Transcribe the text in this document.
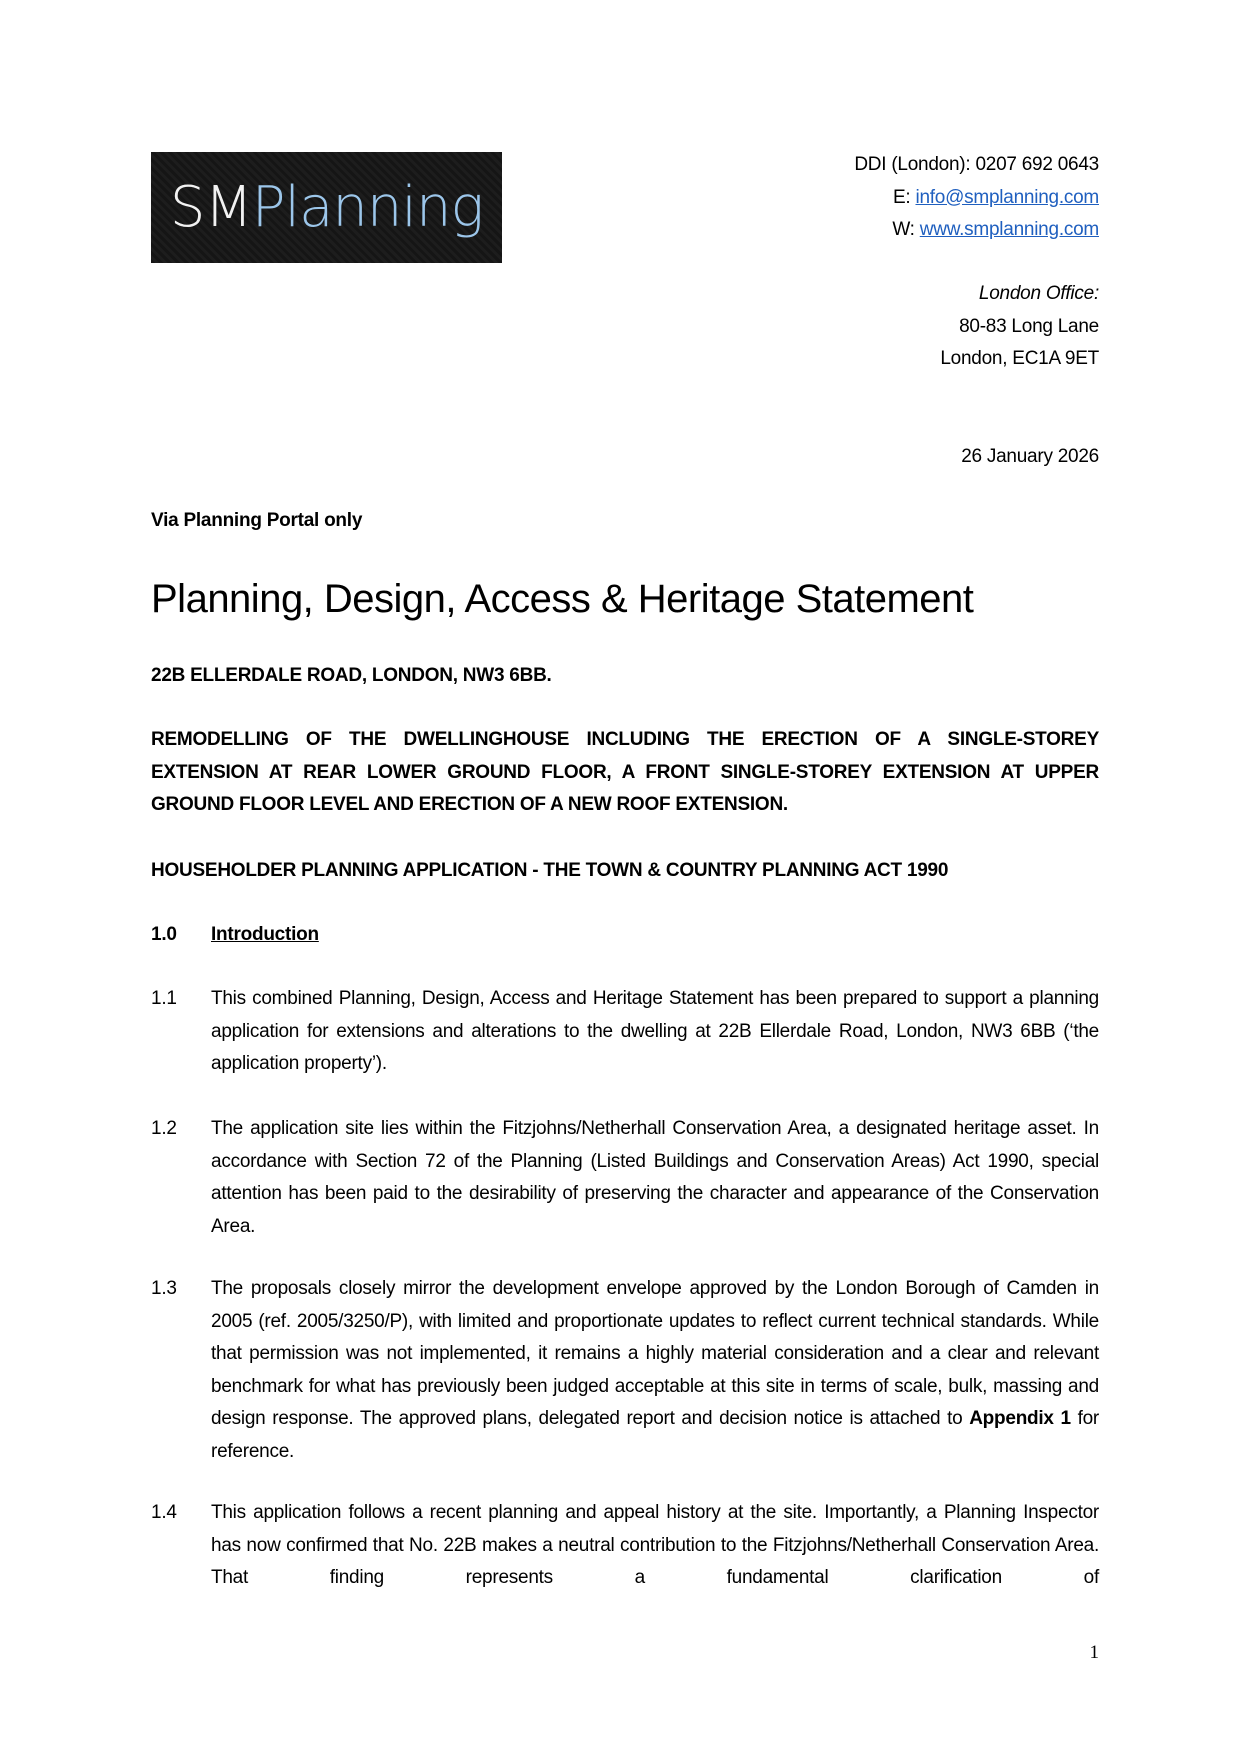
SMPlanning
DDI (London): 0207 692 0643
E: info@smplanning.com
W: www.smplanning.com
London Office:
80-83 Long Lane
London, EC1A 9ET
26 January 2026
Via Planning Portal only
Planning, Design, Access & Heritage Statement
22B ELLERDALE ROAD, LONDON, NW3 6BB.
REMODELLING OF THE DWELLINGHOUSE INCLUDING THE ERECTION OF A SINGLE-STOREY EXTENSION AT REAR LOWER GROUND FLOOR, A FRONT SINGLE-STOREY EXTENSION AT UPPER GROUND FLOOR LEVEL AND ERECTION OF A NEW ROOF EXTENSION.
HOUSEHOLDER PLANNING APPLICATION - THE TOWN & COUNTRY PLANNING ACT 1990
1.0	Introduction
1.1	This combined Planning, Design, Access and Heritage Statement has been prepared to support a planning application for extensions and alterations to the dwelling at 22B Ellerdale Road, London, NW3 6BB (‘the application property’).
1.2	The application site lies within the Fitzjohns/Netherhall Conservation Area, a designated heritage asset. In accordance with Section 72 of the Planning (Listed Buildings and Conservation Areas) Act 1990, special attention has been paid to the desirability of preserving the character and appearance of the Conservation Area.
1.3	The proposals closely mirror the development envelope approved by the London Borough of Camden in 2005 (ref. 2005/3250/P), with limited and proportionate updates to reflect current technical standards. While that permission was not implemented, it remains a highly material consideration and a clear and relevant benchmark for what has previously been judged acceptable at this site in terms of scale, bulk, massing and design response. The approved plans, delegated report and decision notice is attached to Appendix 1 for reference.
1.4	This application follows a recent planning and appeal history at the site. Importantly, a Planning Inspector has now confirmed that No. 22B makes a neutral contribution to the Fitzjohns/Netherhall Conservation Area. That finding represents a fundamental clarification of
1
